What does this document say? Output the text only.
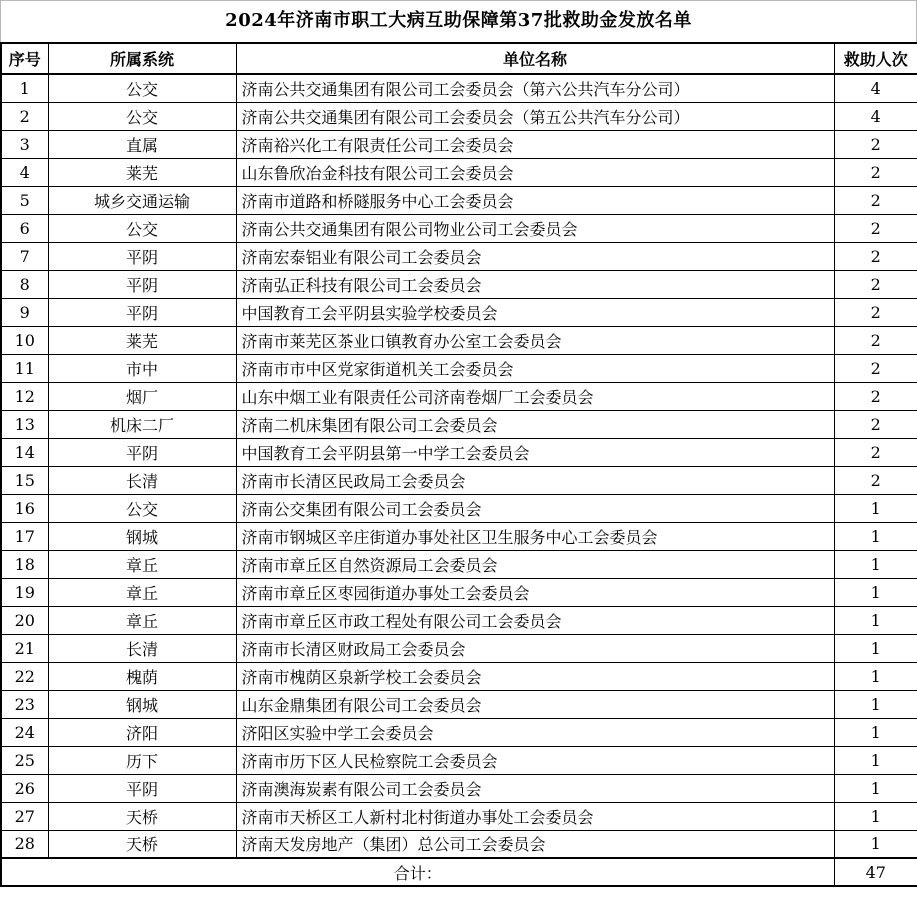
2024年济南市职工大病互助保障第37批救助金发放名单
序号	所属系统	单位名称	救助人次
1	公交	济南公共交通集团有限公司工会委员会（第六公共汽车分公司）	4
2	公交	济南公共交通集团有限公司工会委员会（第五公共汽车分公司）	4
3	直属	济南裕兴化工有限责任公司工会委员会	2
4	莱芜	山东鲁欣冶金科技有限公司工会委员会	2
5	城乡交通运输	济南市道路和桥隧服务中心工会委员会	2
6	公交	济南公共交通集团有限公司物业公司工会委员会	2
7	平阴	济南宏泰铝业有限公司工会委员会	2
8	平阴	济南弘正科技有限公司工会委员会	2
9	平阴	中国教育工会平阴县实验学校委员会	2
10	莱芜	济南市莱芜区茶业口镇教育办公室工会委员会	2
11	市中	济南市市中区党家街道机关工会委员会	2
12	烟厂	山东中烟工业有限责任公司济南卷烟厂工会委员会	2
13	机床二厂	济南二机床集团有限公司工会委员会	2
14	平阴	中国教育工会平阴县第一中学工会委员会	2
15	长清	济南市长清区民政局工会委员会	2
16	公交	济南公交集团有限公司工会委员会	1
17	钢城	济南市钢城区辛庄街道办事处社区卫生服务中心工会委员会	1
18	章丘	济南市章丘区自然资源局工会委员会	1
19	章丘	济南市章丘区枣园街道办事处工会委员会	1
20	章丘	济南市章丘区市政工程处有限公司工会委员会	1
21	长清	济南市长清区财政局工会委员会	1
22	槐荫	济南市槐荫区泉新学校工会委员会	1
23	钢城	山东金鼎集团有限公司工会委员会	1
24	济阳	济阳区实验中学工会委员会	1
25	历下	济南市历下区人民检察院工会委员会	1
26	平阴	济南澳海炭素有限公司工会委员会	1
27	天桥	济南市天桥区工人新村北村街道办事处工会委员会	1
28	天桥	济南天发房地产（集团）总公司工会委员会	1
合计：			47
